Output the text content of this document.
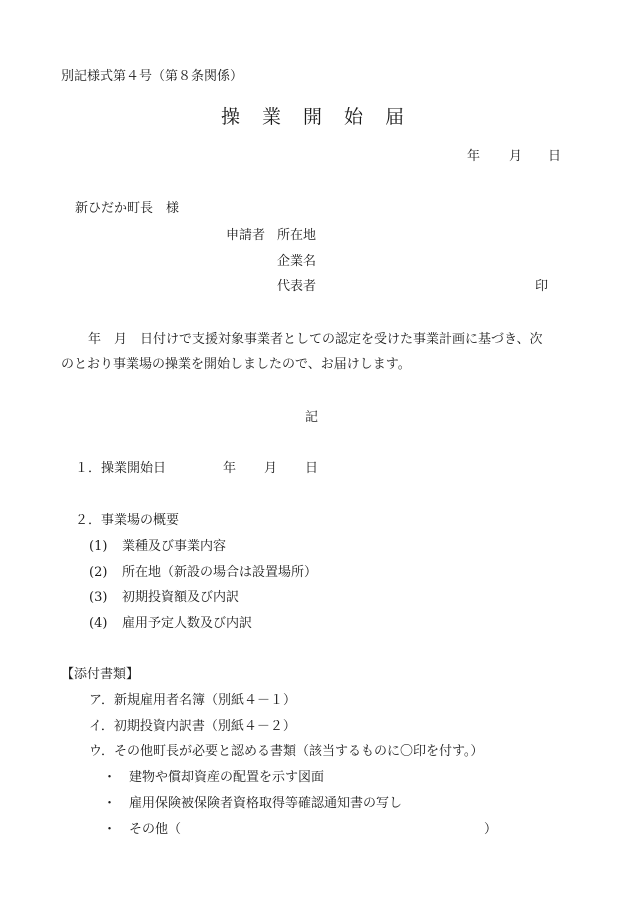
別記様式第４号（第８条関係）
操 業 開 始 届
年 月 日
新ひだか町長　様
申請者 所在地
企業名
代表者	印
年　月　日付けで支援対象事業者としての認定を受けた事業計画に基づき、次
のとおり事業場の操業を開始しましたので、お届けします。
記
１．操業開始日	年 月 日
２．事業場の概要
(1) 業種及び事業内容
(2) 所在地（新設の場合は設置場所）
(3) 初期投資額及び内訳
(4) 雇用予定人数及び内訳
【添付書類】
ア．新規雇用者名簿（別紙４－１）
イ．初期投資内訳書（別紙４－２）
ウ．その他町長が必要と認める書類（該当するものに〇印を付す。）
・　建物や償却資産の配置を示す図面
・　雇用保険被保険者資格取得等確認通知書の写し
・　その他（	）
